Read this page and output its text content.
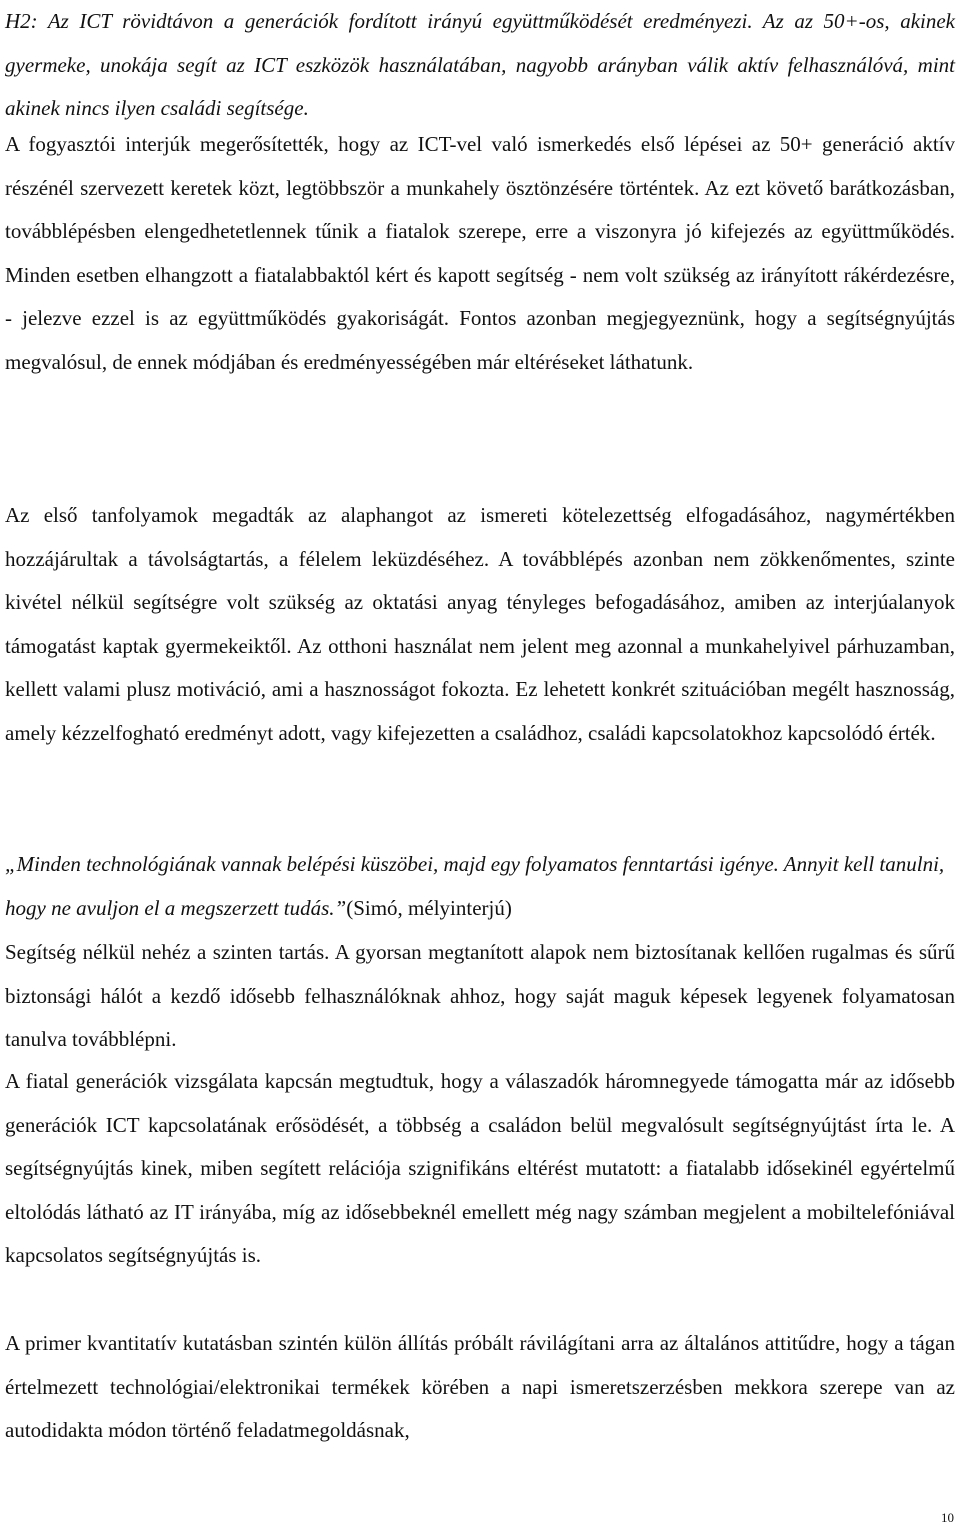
H2: Az ICT rövidtávon a generációk fordított irányú együttműködését eredményezi. Az az 50+-os, akinek gyermeke, unokája segít az ICT eszközök használatában, nagyobb arányban válik aktív felhasználóvá, mint akinek nincs ilyen családi segítsége.

A fogyasztói interjúk megerősítették, hogy az ICT-vel való ismerkedés első lépései az 50+ generáció aktív részénél szervezett keretek közt, legtöbbször a munkahely ösztönzésére történtek. Az ezt követő barátkozásban, továbblépésben elengedhetetlennek tűnik a fiatalok szerepe, erre a viszonyra jó kifejezés az együttműködés. Minden esetben elhangzott a fiatalabbaktól kért és kapott segítség - nem volt szükség az irányított rákérdezésre, - jelezve ezzel is az együttműködés gyakoriságát. Fontos azonban megjegyeznünk, hogy a segítségnyújtás megvalósul, de ennek módjában és eredményességében már eltéréseket láthatunk.

Az első tanfolyamok megadták az alaphangot az ismereti kötelezettség elfogadásához, nagymértékben hozzájárultak a távolságtartás, a félelem leküzdéséhez. A továbblépés azonban nem zökkenőmentes, szinte kivétel nélkül segítségre volt szükség az oktatási anyag tényleges befogadásához, amiben az interjúalanyok támogatást kaptak gyermekeiktől. Az otthoni használat nem jelent meg azonnal a munkahelyivel párhuzamban, kellett valami plusz motiváció, ami a hasznosságot fokozta. Ez lehetett konkrét szituációban megélt hasznosság, amely kézzelfogható eredményt adott, vagy kifejezetten a családhoz, családi kapcsolatokhoz kapcsolódó érték.

„Minden technológiának vannak belépési küszöbei, majd egy folyamatos fenntartási igénye. Annyit kell tanulni, hogy ne avuljon el a megszerzett tudás.”(Simó, mélyinterjú)

Segítség nélkül nehéz a szinten tartás. A gyorsan megtanított alapok nem biztosítanak kellően rugalmas és sűrű biztonsági hálót a kezdő idősebb felhasználóknak ahhoz, hogy saját maguk képesek legyenek folyamatosan tanulva továbblépni.

A fiatal generációk vizsgálata kapcsán megtudtuk, hogy a válaszadók háromnegyede támogatta már az idősebb generációk ICT kapcsolatának erősödését, a többség a családon belül megvalósult segítségnyújtást írta le. A segítségnyújtás kinek, miben segített relációja szignifikáns eltérést mutatott: a fiatalabb idősekinél egyértelmű eltolódás látható az IT irányába, míg az idősebbeknél emellett még nagy számban megjelent a mobiltelefóniával kapcsolatos segítségnyújtás is.

A primer kvantitatív kutatásban szintén külön állítás próbált rávilágítani arra az általános attitűdre, hogy a tágan értelmezett technológiai/elektronikai termékek körében a napi ismeretszerzésben mekkora szerepe van az autodidakta módon történő feladatmegoldásnak,

10
